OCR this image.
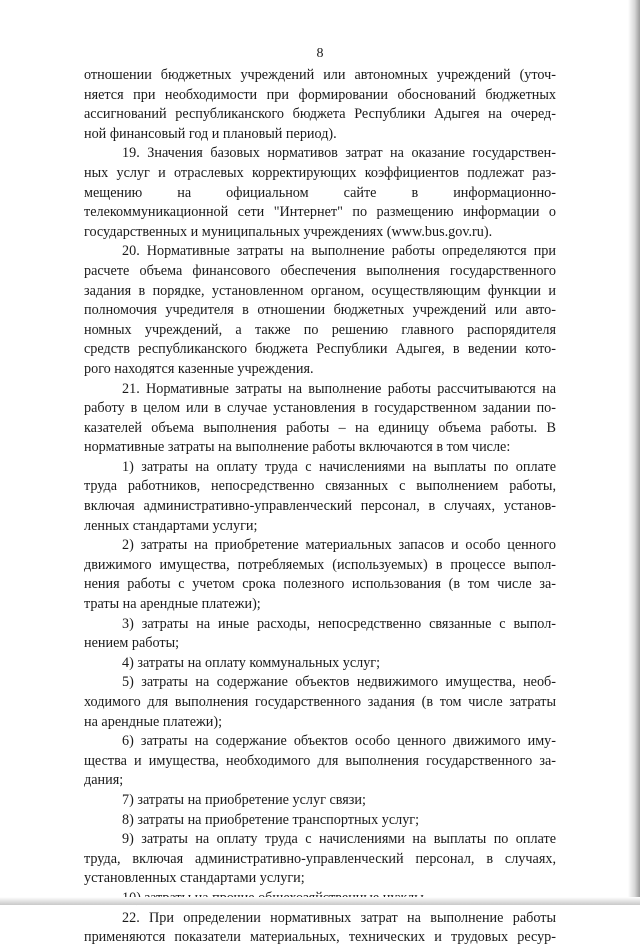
8
отношении бюджетных учреждений или автономных учреждений (уточ-
няется при необходимости при формировании обоснований бюджетных
ассигнований республиканского бюджета Республики Адыгея на очеред-
ной финансовый год и плановый период).
19. Значения базовых нормативов затрат на оказание государствен-
ных услуг и отраслевых корректирующих коэффициентов подлежат раз-
мещению на официальном сайте в информационно-
телекоммуникационной сети "Интернет" по размещению информации о
государственных и муниципальных учреждениях (www.bus.gov.ru).
20. Нормативные затраты на выполнение работы определяются при
расчете объема финансового обеспечения выполнения государственного
задания в порядке, установленном органом, осуществляющим функции и
полномочия учредителя в отношении бюджетных учреждений или авто-
номных учреждений, а также по решению главного распорядителя
средств республиканского бюджета Республики Адыгея, в ведении кото-
рого находятся казенные учреждения.
21. Нормативные затраты на выполнение работы рассчитываются на
работу в целом или в случае установления в государственном задании по-
казателей объема выполнения работы – на единицу объема работы. В
нормативные затраты на выполнение работы включаются в том числе:
1) затраты на оплату труда с начислениями на выплаты по оплате
труда работников, непосредственно связанных с выполнением работы,
включая административно-управленческий персонал, в случаях, установ-
ленных стандартами услуги;
2) затраты на приобретение материальных запасов и особо ценного
движимого имущества, потребляемых (используемых) в процессе выпол-
нения работы с учетом срока полезного использования (в том числе за-
траты на арендные платежи);
3) затраты на иные расходы, непосредственно связанные с выпол-
нением работы;
4) затраты на оплату коммунальных услуг;
5) затраты на содержание объектов недвижимого имущества, необ-
ходимого для выполнения государственного задания (в том числе затраты
на арендные платежи);
6) затраты на содержание объектов особо ценного движимого иму-
щества и имущества, необходимого для выполнения государственного за-
дания;
7) затраты на приобретение услуг связи;
8) затраты на приобретение транспортных услуг;
9) затраты на оплату труда с начислениями на выплаты по оплате
труда, включая административно-управленческий персонал, в случаях,
установленных стандартами услуги;
22. При определении нормативных затрат на выполнение работы
применяются показатели материальных, технических и трудовых ресур-
